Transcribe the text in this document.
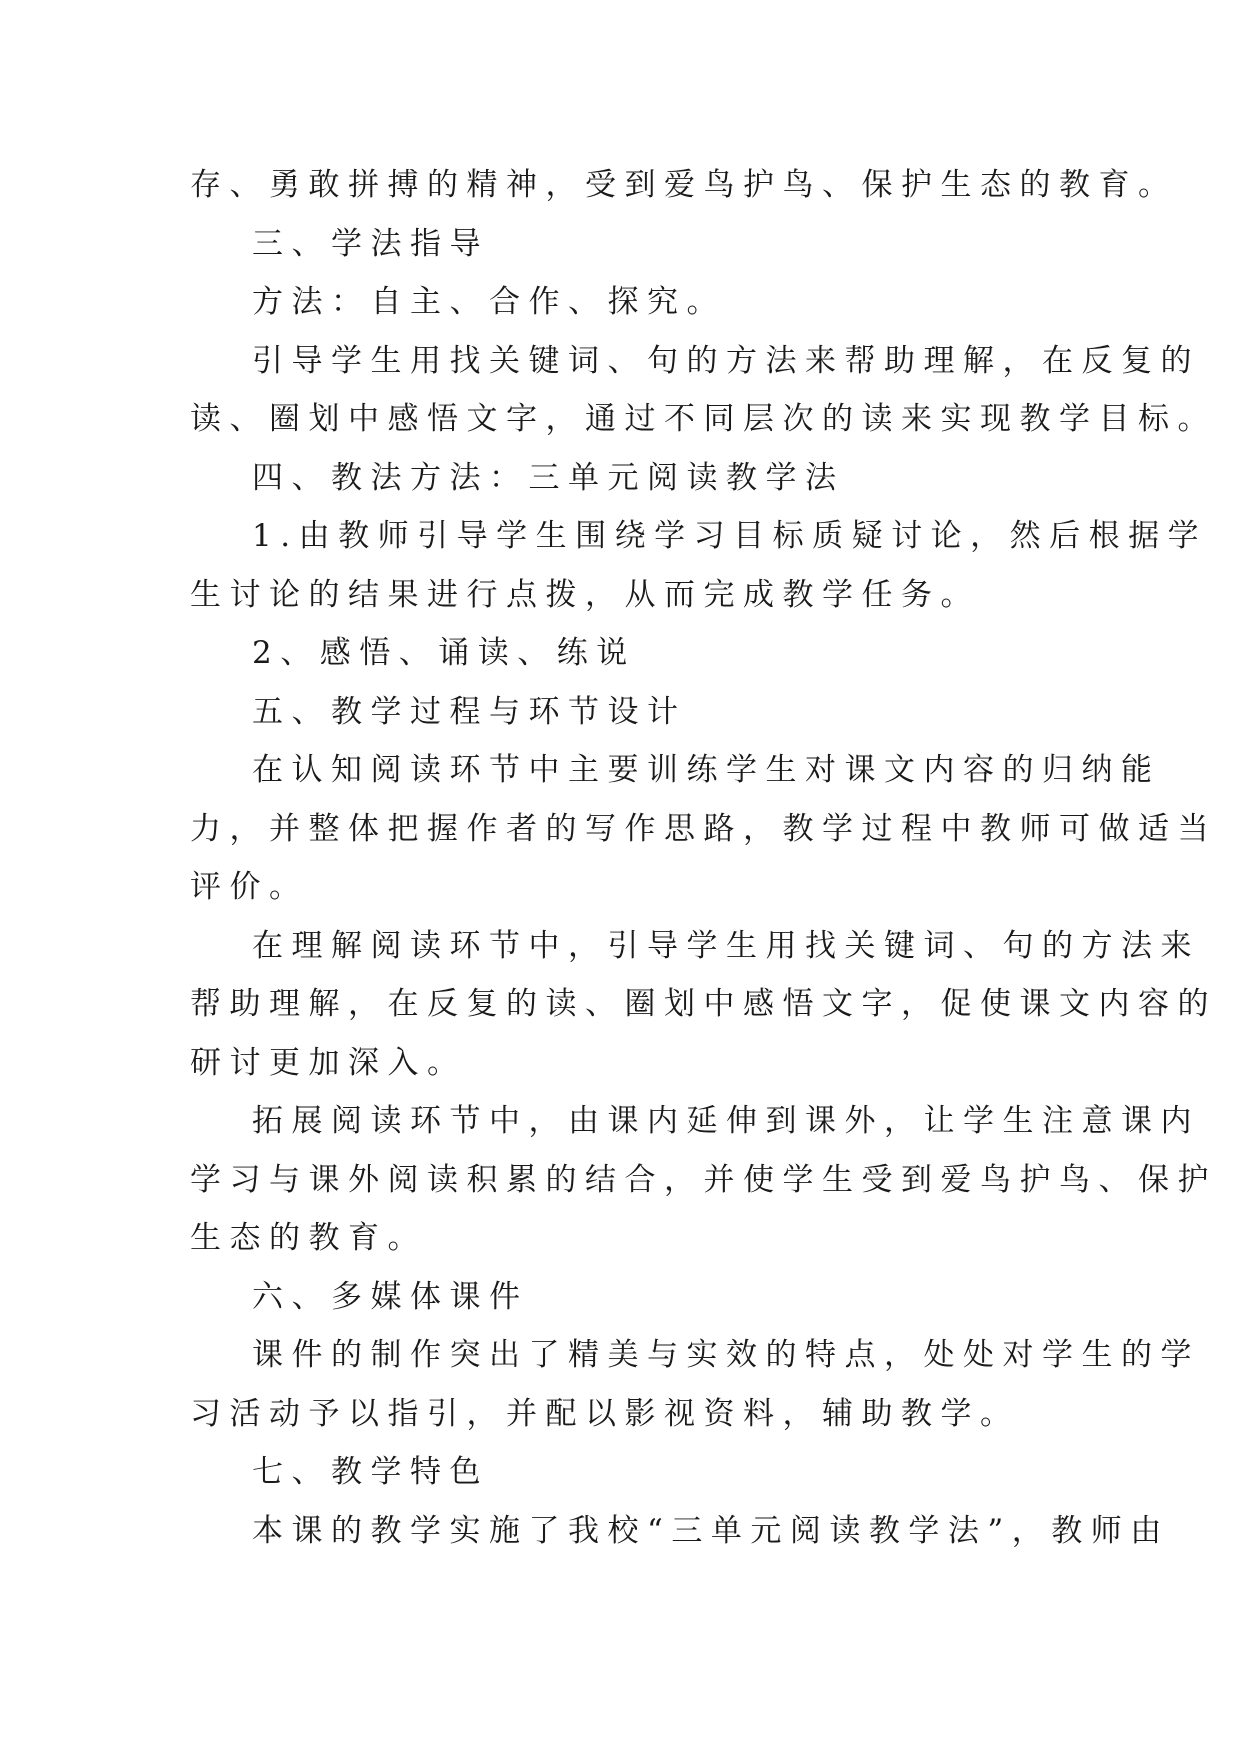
存、勇敢拼搏的精神，受到爱鸟护鸟、保护生态的教育。
三、学法指导
方法：自主、合作、探究。
引导学生用找关键词、句的方法来帮助理解，在反复的
读、圈划中感悟文字，通过不同层次的读来实现教学目标。
四、教法方法：三单元阅读教学法
1.由教师引导学生围绕学习目标质疑讨论，然后根据学
生讨论的结果进行点拨，从而完成教学任务。
2、感悟、诵读、练说
五、教学过程与环节设计
在认知阅读环节中主要训练学生对课文内容的归纳能
力，并整体把握作者的写作思路，教学过程中教师可做适当
评价。
在理解阅读环节中，引导学生用找关键词、句的方法来
帮助理解，在反复的读、圈划中感悟文字，促使课文内容的
研讨更加深入。
拓展阅读环节中，由课内延伸到课外，让学生注意课内
学习与课外阅读积累的结合，并使学生受到爱鸟护鸟、保护
生态的教育。
六、多媒体课件
课件的制作突出了精美与实效的特点，处处对学生的学
习活动予以指引，并配以影视资料，辅助教学。
七、教学特色
本课的教学实施了我校“三单元阅读教学法”，教师由
